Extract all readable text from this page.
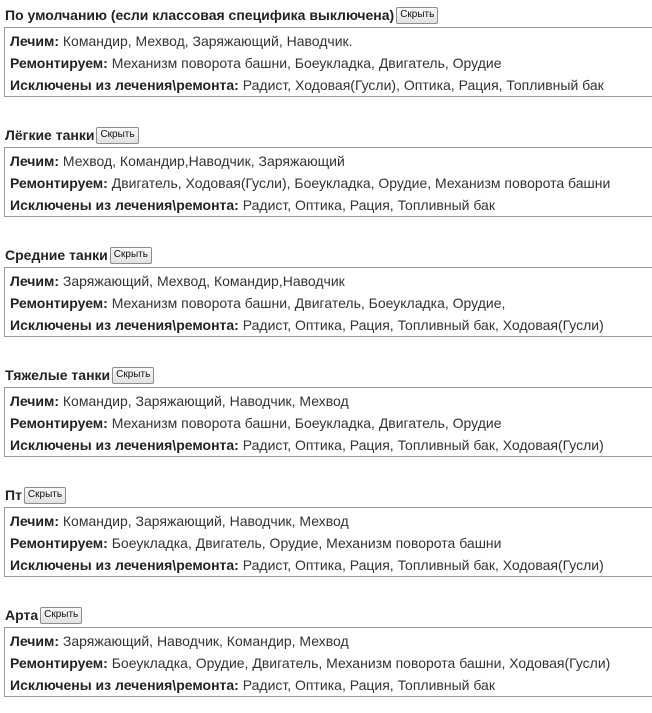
По умолчанию (если классовая специфика выключена) Скрыть
Лечим: Командир, Мехвод, Заряжающий, Наводчик.
Ремонтируем: Механизм поворота башни, Боеукладка, Двигатель, Орудие
Исключены из лечения\ремонта: Радист, Ходовая(Гусли), Оптика, Рация, Топливный бак
Лёгкие танки Скрыть
Лечим: Мехвод, Командир,Наводчик, Заряжающий
Ремонтируем: Двигатель, Ходовая(Гусли), Боеукладка, Орудие, Механизм поворота башни
Исключены из лечения\ремонта: Радист, Оптика, Рация, Топливный бак
Средние танки Скрыть
Лечим: Заряжающий, Мехвод, Командир,Наводчик
Ремонтируем: Механизм поворота башни, Двигатель, Боеукладка, Орудие,
Исключены из лечения\ремонта: Радист, Оптика, Рация, Топливный бак, Ходовая(Гусли)
Тяжелые танки Скрыть
Лечим: Командир, Заряжающий, Наводчик, Мехвод
Ремонтируем: Механизм поворота башни, Боеукладка, Двигатель, Орудие
Исключены из лечения\ремонта: Радист, Оптика, Рация, Топливный бак, Ходовая(Гусли)
Пт Скрыть
Лечим: Командир, Заряжающий, Наводчик, Мехвод
Ремонтируем: Боеукладка, Двигатель, Орудие, Механизм поворота башни
Исключены из лечения\ремонта: Радист, Оптика, Рация, Топливный бак, Ходовая(Гусли)
Арта Скрыть
Лечим: Заряжающий, Наводчик, Командир, Мехвод
Ремонтируем: Боеукладка, Орудие, Двигатель, Механизм поворота башни, Ходовая(Гусли)
Исключены из лечения\ремонта: Радист, Оптика, Рация, Топливный бак
